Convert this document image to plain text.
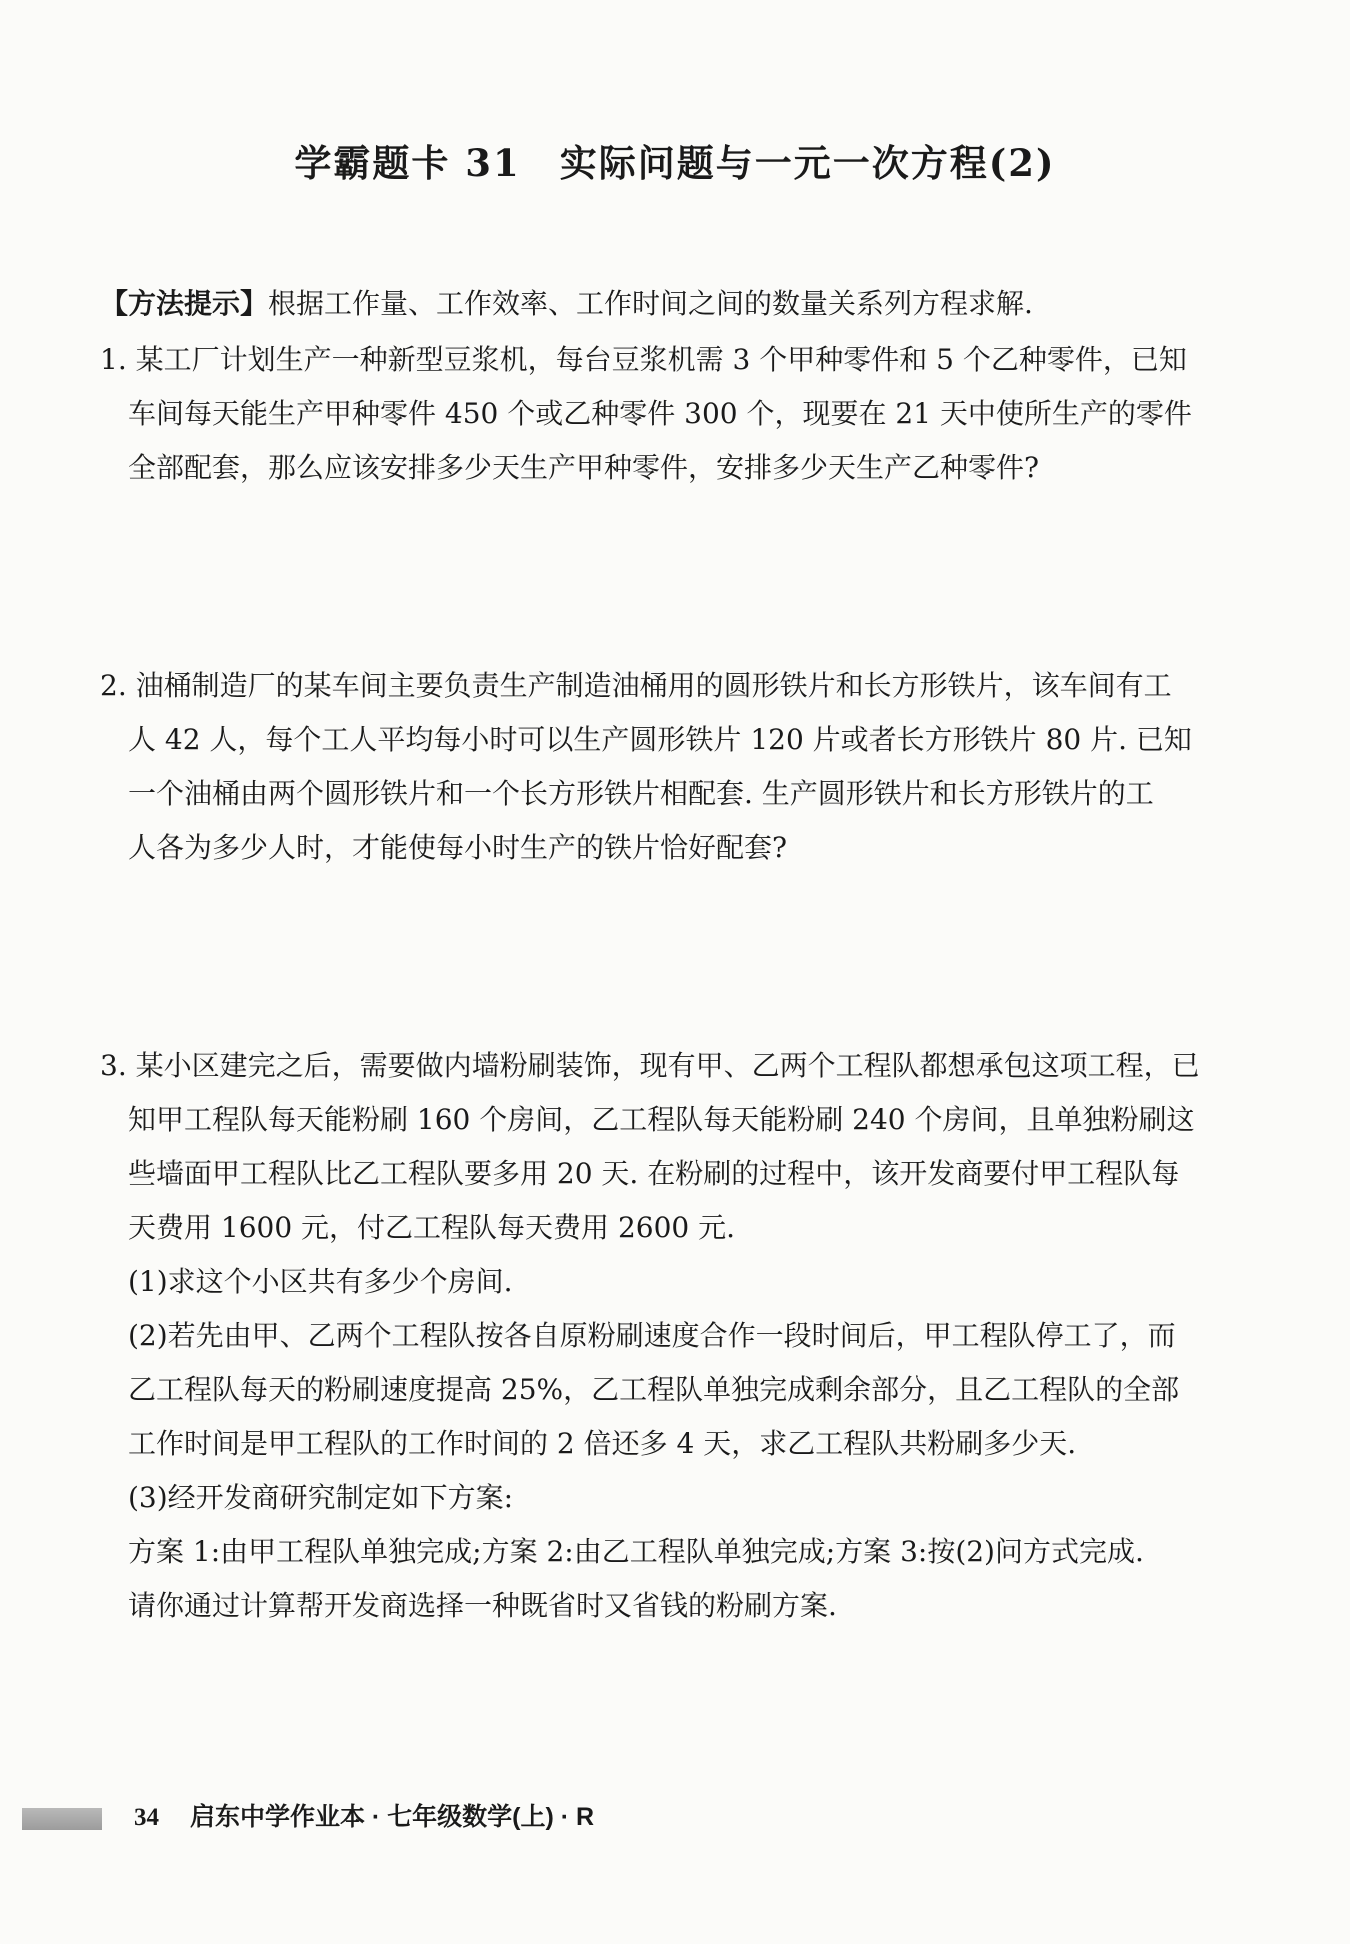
学霸题卡 31　实际问题与一元一次方程(2)

【方法提示】根据工作量、工作效率、工作时间之间的数量关系列方程求解.

1. 某工厂计划生产一种新型豆浆机，每台豆浆机需 3 个甲种零件和 5 个乙种零件，已知

车间每天能生产甲种零件 450 个或乙种零件 300 个，现要在 21 天中使所生产的零件

全部配套，那么应该安排多少天生产甲种零件，安排多少天生产乙种零件?

2. 油桶制造厂的某车间主要负责生产制造油桶用的圆形铁片和长方形铁片，该车间有工

人 42 人，每个工人平均每小时可以生产圆形铁片 120 片或者长方形铁片 80 片. 已知

一个油桶由两个圆形铁片和一个长方形铁片相配套. 生产圆形铁片和长方形铁片的工

人各为多少人时，才能使每小时生产的铁片恰好配套?

3. 某小区建完之后，需要做内墙粉刷装饰，现有甲、乙两个工程队都想承包这项工程，已

知甲工程队每天能粉刷 160 个房间，乙工程队每天能粉刷 240 个房间，且单独粉刷这

些墙面甲工程队比乙工程队要多用 20 天. 在粉刷的过程中，该开发商要付甲工程队每

天费用 1600 元，付乙工程队每天费用 2600 元.

(1)求这个小区共有多少个房间.

(2)若先由甲、乙两个工程队按各自原粉刷速度合作一段时间后，甲工程队停工了，而

乙工程队每天的粉刷速度提高 25%，乙工程队单独完成剩余部分，且乙工程队的全部

工作时间是甲工程队的工作时间的 2 倍还多 4 天，求乙工程队共粉刷多少天.

(3)经开发商研究制定如下方案:

方案 1:由甲工程队单独完成;方案 2:由乙工程队单独完成;方案 3:按(2)问方式完成.

请你通过计算帮开发商选择一种既省时又省钱的粉刷方案.

34 启东中学作业本 · 七年级数学(上) · R
